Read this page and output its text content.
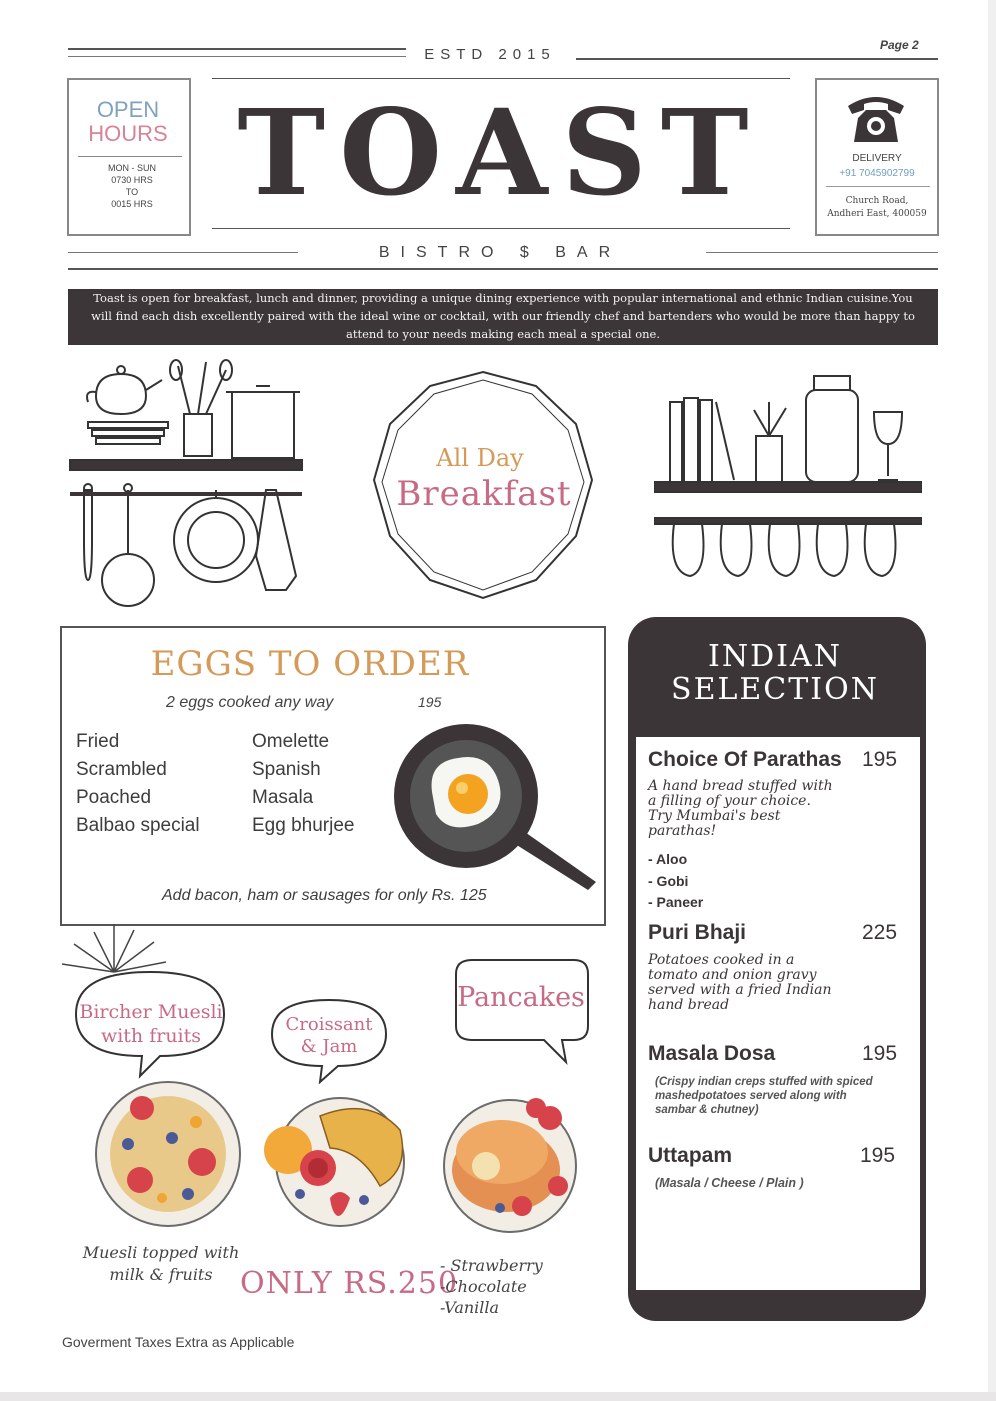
ESTD 2015
Page 2
OPEN
HOURS
MON - SUN
0730 HRS
TO
0015 HRS TOAST	DELIVERY
+91 7045902799
Church Road,
Andheri East, 400059
BISTRO $ BAR
Toast is open for breakfast, lunch and dinner, providing a unique dining experience with popular international and ethnic Indian cuisine.You will find each dish excellently paired with the ideal wine or cocktail, with our friendly chef and bartenders who would be more than happy to attend to your needs making each meal a special one.
All Day
Breakfast
EGGS TO ORDER
2 eggs cooked any way	195
Fried
Scrambled
Poached
Balbao special
Omelette
Spanish
Masala
Egg bhurjee
Add bacon, ham or sausages for only Rs. 125
INDIAN
SELECTION
Choice Of Parathas 195
A hand bread stuffed with
a filling of your choice.
Try Mumbai's best
parathas!
- Aloo
- Gobi
- Paneer
Puri Bhaji	225
Potatoes cooked in a
tomato and onion gravy
served with a fried Indian
hand bread
Masala Dosa	195
(Crispy indian creps stuffed with spiced
mashedpotatoes served along with
sambar & chutney)
Uttapam	195
(Masala / Cheese / Plain )
Bircher Muesli
with fruits
Croissant
& Jam
Pancakes
Muesli topped with
milk & fruits ONLY RS.250
- Strawberry
-Chocolate
-Vanilla
Goverment Taxes Extra as Applicable
